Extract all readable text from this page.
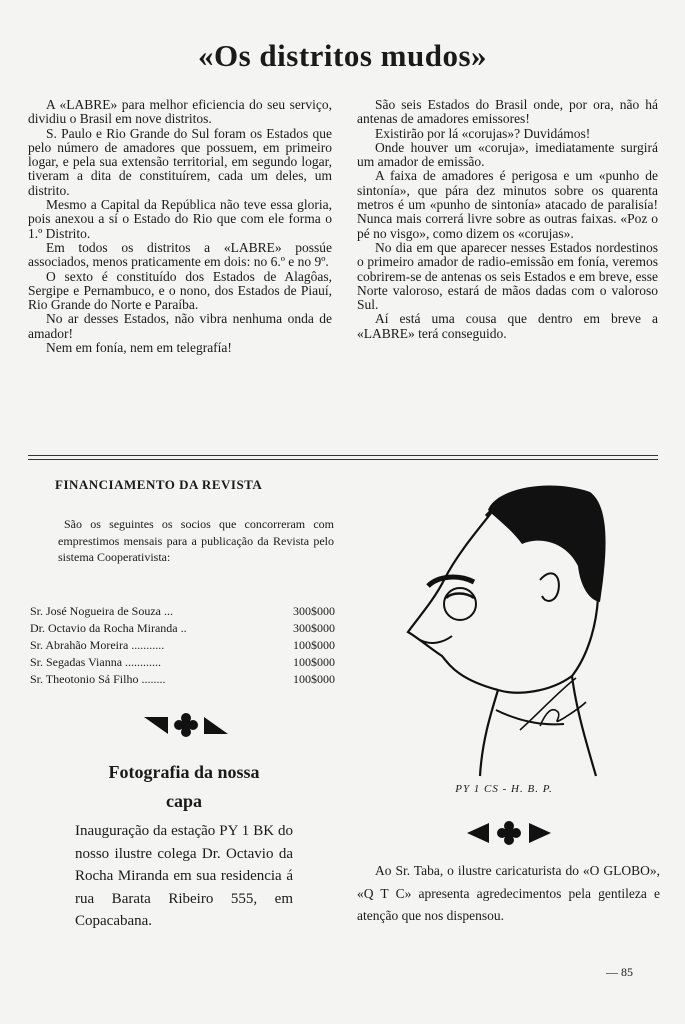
«Os distritos mudos»

A «LABRE» para melhor eficiencia do seu serviço, dividiu o Brasil em nove distritos.

S. Paulo e Rio Grande do Sul foram os Estados que pelo número de amadores que possuem, em primeiro logar, e pela sua extensão territorial, em segundo logar, tiveram a dita de constituírem, cada um deles, um distrito.

Mesmo a Capital da República não teve essa gloria, pois anexou a sí o Estado do Rio que com ele forma o 1.º Distrito.

Em todos os distritos a «LABRE» possúe associados, menos praticamente em dois: no 6.º e no 9º.

O sexto é constituído dos Estados de Alagôas, Sergipe e Pernambuco, e o nono, dos Estados de Piauí, Rio Grande do Norte e Paraíba.

No ar desses Estados, não vibra nenhuma onda de amador!

Nem em fonía, nem em telegrafía!

São seis Estados do Brasil onde, por ora, não há antenas de amadores emissores!

Existirão por lá «corujas»? Duvidámos!

Onde houver um «coruja», imediatamente surgirá um amador de emissão.

A faixa de amadores é perigosa e um «punho de sintonía», que pára dez minutos sobre os quarenta metros é um «punho de sintonía» atacado de paralisía! Nunca mais correrá livre sobre as outras faixas. «Poz o pé no visgo», como dizem os «corujas».

No dia em que aparecer nesses Estados nordestinos o primeiro amador de radio-emissão em fonía, veremos cobrirem-se de antenas os seis Estados e em breve, esse Norte valoroso, estará de mãos dadas com o valoroso Sul.

Aí está uma cousa que dentro em breve a «LABRE» terá conseguido.

FINANCIAMENTO DA REVISTA

São os seguintes os socios que concorreram com emprestimos mensais para a publicação da Revista pelo sistema Cooperativista:

Sr. José Nogueira de Souza ...	300$000
Dr. Octavio da Rocha Miranda ..	300$000
Sr. Abrahão Moreira ...........	100$000
Sr. Segadas Vianna ............	100$000
Sr. Theotonio Sá Filho ........	100$000
Fotografia da nossa
capa
Inauguração da estação PY 1 BK do nosso ilustre colega Dr. Octavio da Rocha Miranda em sua residencia á rua Barata Ribeiro 555, em Copacabana.
PY 1 CS - H. B. P.

Ao Sr. Taba, o ilustre caricaturista do «O GLOBO», «Q T C» apresenta agredecimentos pela gentileza e atenção que nos dispensou.

— 85
